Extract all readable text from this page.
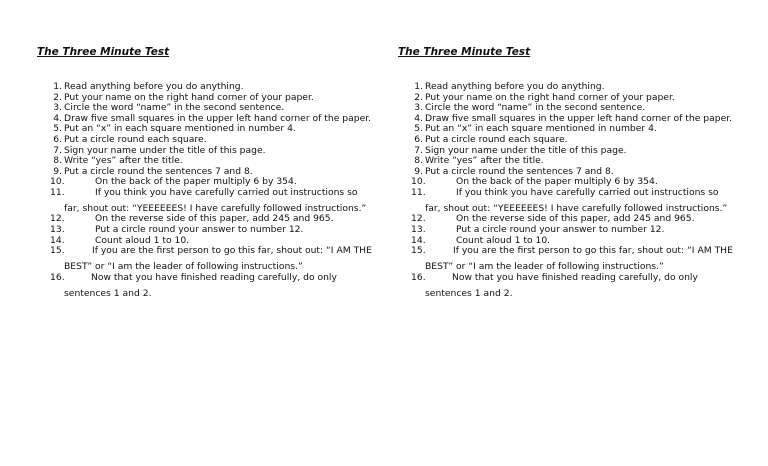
The Three Minute Test
1. Read anything before you do anything.
2. Put your name on the right hand corner of your paper.
3. Circle the word “name” in the second sentence.
4. Draw five small squares in the upper left hand corner of the paper.
5. Put an “x” in each square mentioned in number 4.
6. Put a circle round each square.
7. Sign your name under the title of this page.
8. Write “yes” after the title.
9. Put a circle round the sentences 7 and 8.
10.	On the back of the paper multiply 6 by 354.
11.	If you think you have carefully carried out instructions so
far, shout out: “YEEEEEES! I have carefully followed instructions.”
12.	On the reverse side of this paper, add 245 and 965.
13.	Put a circle round your answer to number 12.
14.	Count aloud 1 to 10.
15.	If you are the first person to go this far, shout out: “I AM THE
BEST” or “I am the leader of following instructions.”
16.	Now that you have finished reading carefully, do only
sentences 1 and 2.
The Three Minute Test
1. Read anything before you do anything.
2. Put your name on the right hand corner of your paper.
3. Circle the word “name” in the second sentence.
4. Draw five small squares in the upper left hand corner of the paper.
5. Put an “x” in each square mentioned in number 4.
6. Put a circle round each square.
7. Sign your name under the title of this page.
8. Write “yes” after the title.
9. Put a circle round the sentences 7 and 8.
10.	On the back of the paper multiply 6 by 354.
11.	If you think you have carefully carried out instructions so
far, shout out: “YEEEEEES! I have carefully followed instructions.”
12.	On the reverse side of this paper, add 245 and 965.
13.	Put a circle round your answer to number 12.
14.	Count aloud 1 to 10.
15.	If you are the first person to go this far, shout out: “I AM THE
BEST” or “I am the leader of following instructions.”
16.	Now that you have finished reading carefully, do only
sentences 1 and 2.
